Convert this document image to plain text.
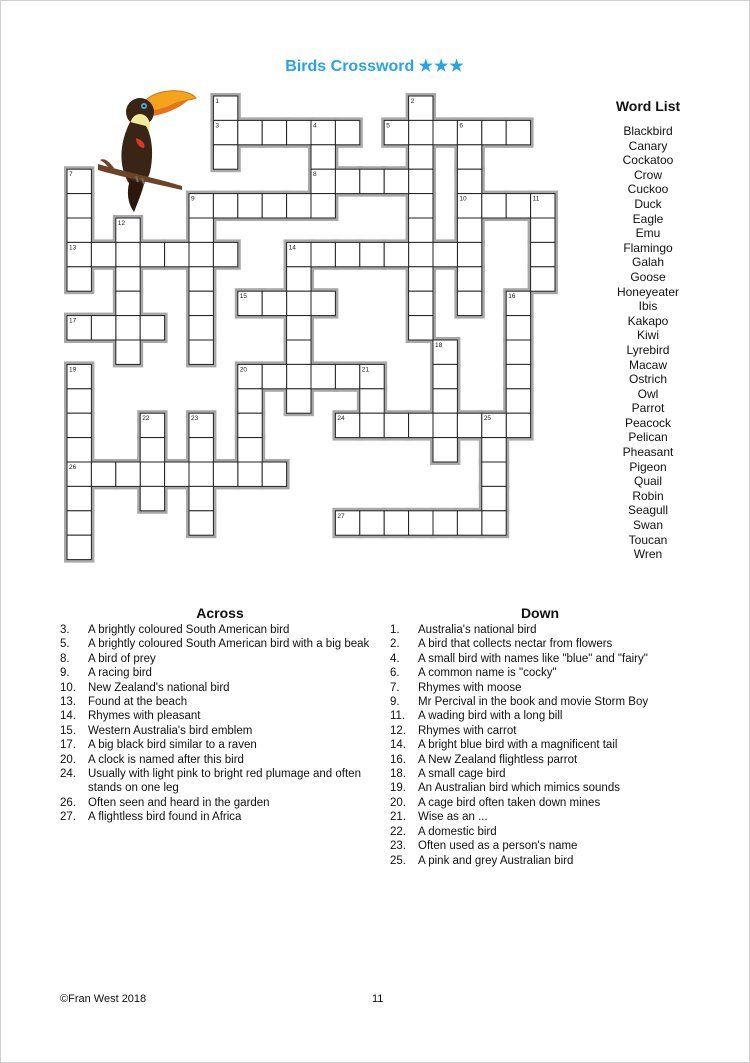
Birds Crossword ★★★
1
3
2
4
8
5	6
10
7
13
9	11
12
14
15	16
17
18
19
26
20	21
22	23	24	25
27
Word List
Blackbird
Canary
Cockatoo
Crow
Cuckoo
Duck
Eagle
Emu
Flamingo
Galah
Goose
Honeyeater
Ibis
Kakapo
Kiwi
Lyrebird
Macaw
Ostrich
Owl
Parrot
Peacock
Pelican
Pheasant
Pigeon
Quail
Robin
Seagull
Swan
Toucan
Wren
Across
3.	A brightly coloured South American bird
5.	A brightly coloured South American bird with a big beak
8.	A bird of prey
9.	A racing bird
10.	New Zealand's national bird
13.	Found at the beach
14.	Rhymes with pleasant
15.	Western Australia's bird emblem
17.	A big black bird similar to a raven
20.	A clock is named after this bird
24.	Usually with light pink to bright red plumage and often stands on one leg
26.	Often seen and heard in the garden
27.	A flightless bird found in Africa
Down
1.	Australia's national bird
2.	A bird that collects nectar from flowers
4.	A small bird with names like "blue" and "fairy"
6.	A common name is "cocky"
7.	Rhymes with moose
9.	Mr Percival in the book and movie Storm Boy
11.	A wading bird with a long bill
12.	Rhymes with carrot
14.	A bright blue bird with a magnificent tail
16.	A New Zealand flightless parrot
18.	A small cage bird
19.	An Australian bird which mimics sounds
20.	A cage bird often taken down mines
21.	Wise as an ...
22.	A domestic bird
23.	Often used as a person's name
25.	A pink and grey Australian bird
©Fran West 2018	11
